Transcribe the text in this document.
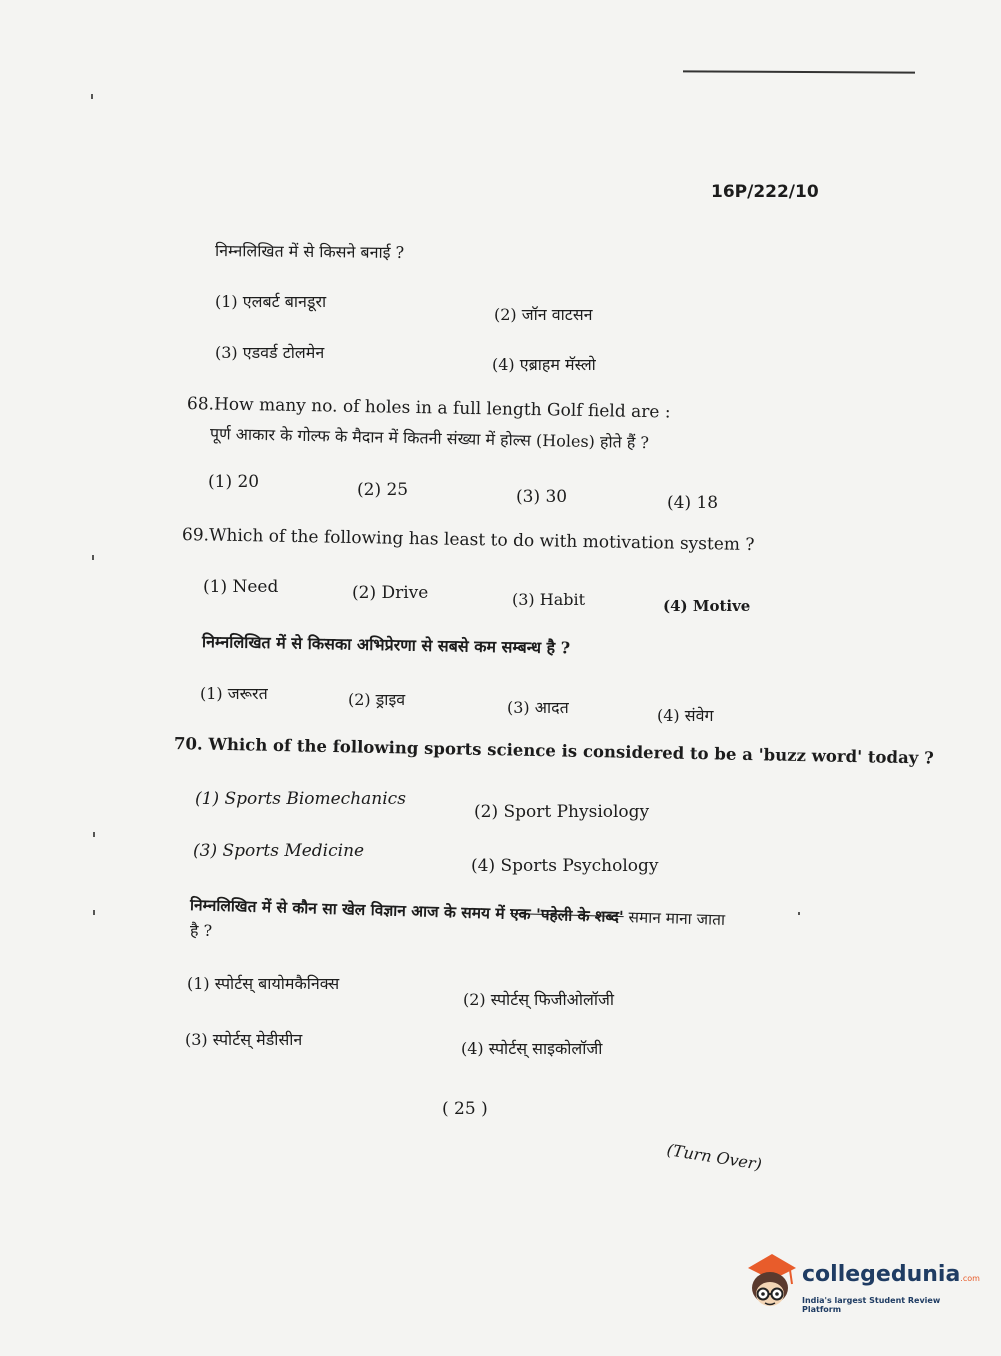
16P/222/10
निम्नलिखित में से किसने बनाई ?
(1) एलबर्ट बानडूरा
(2) जॉन वाटसन
(3) एडवर्ड टोलमेन
(4) एब्राहम मॅस्लो
68.How many no. of holes in a full length Golf field are :
पूर्ण आकार के गोल्फ के मैदान में कितनी संख्या में होल्स (Holes) होते हैं ?
(1) 20	(2) 25	(3) 30	(4) 18
69.Which of the following has least to do with motivation system ?
(1) Need	(2) Drive	(3) Habit	(4) Motive
निम्नलिखित में से किसका अभिप्रेरणा से सबसे कम सम्बन्ध है ?
(1) जरूरत	(2) ड्राइव	(3) आदत	(4) संवेग
70. Which of the following sports science is considered to be a 'buzz word' today ?
(1) Sports Biomechanics
(2) Sport Physiology
(3) Sports Medicine
(4) Sports Psychology
निम्नलिखित में से कौन सा खेल विज्ञान आज के समय में एक 'पहेली के शब्द' समान माना जाता
है ?
(1) स्पोर्टस् बायोमकैनिक्स
(2) स्पोर्टस् फिजीओलॉजी
(3) स्पोर्टस् मेडीसीन	(4) स्पोर्टस् साइकोलॉजी
( 25 )
(Turn Over)
collegedunia.com
India's largest Student Review Platform
